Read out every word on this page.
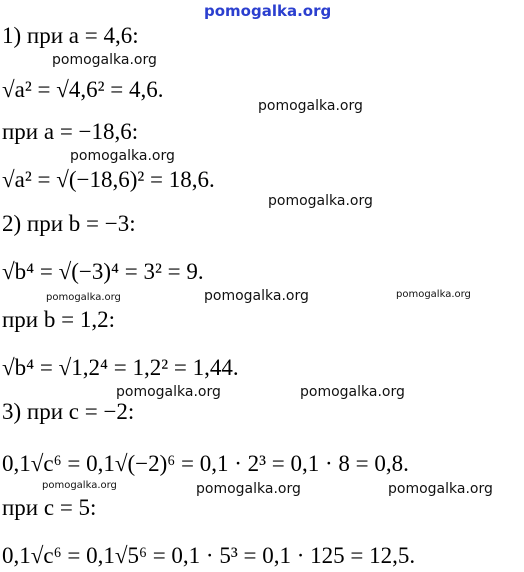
pomogalka.org
pomogalka.org
pomogalka.org
pomogalka.org
pomogalka.org
pomogalka.org	pomogalka.org	pomogalka.org
pomogalka.org	pomogalka.org
pomogalka.org	pomogalka.org	pomogalka.org
1) при a = 4,6:
√a² = √4,6² = 4,6.
при a = −18,6:
√a² = √(−18,6)² = 18,6.
2) при b = −3:
√b⁴ = √(−3)⁴ = 3² = 9.
при b = 1,2:
√b⁴ = √1,2⁴ = 1,2² = 1,44.
3) при c = −2:
0,1√c⁶ = 0,1√(−2)⁶ = 0,1 · 2³ = 0,1 · 8 = 0,8.
при c = 5:
0,1√c⁶ = 0,1√5⁶ = 0,1 · 5³ = 0,1 · 125 = 12,5.
